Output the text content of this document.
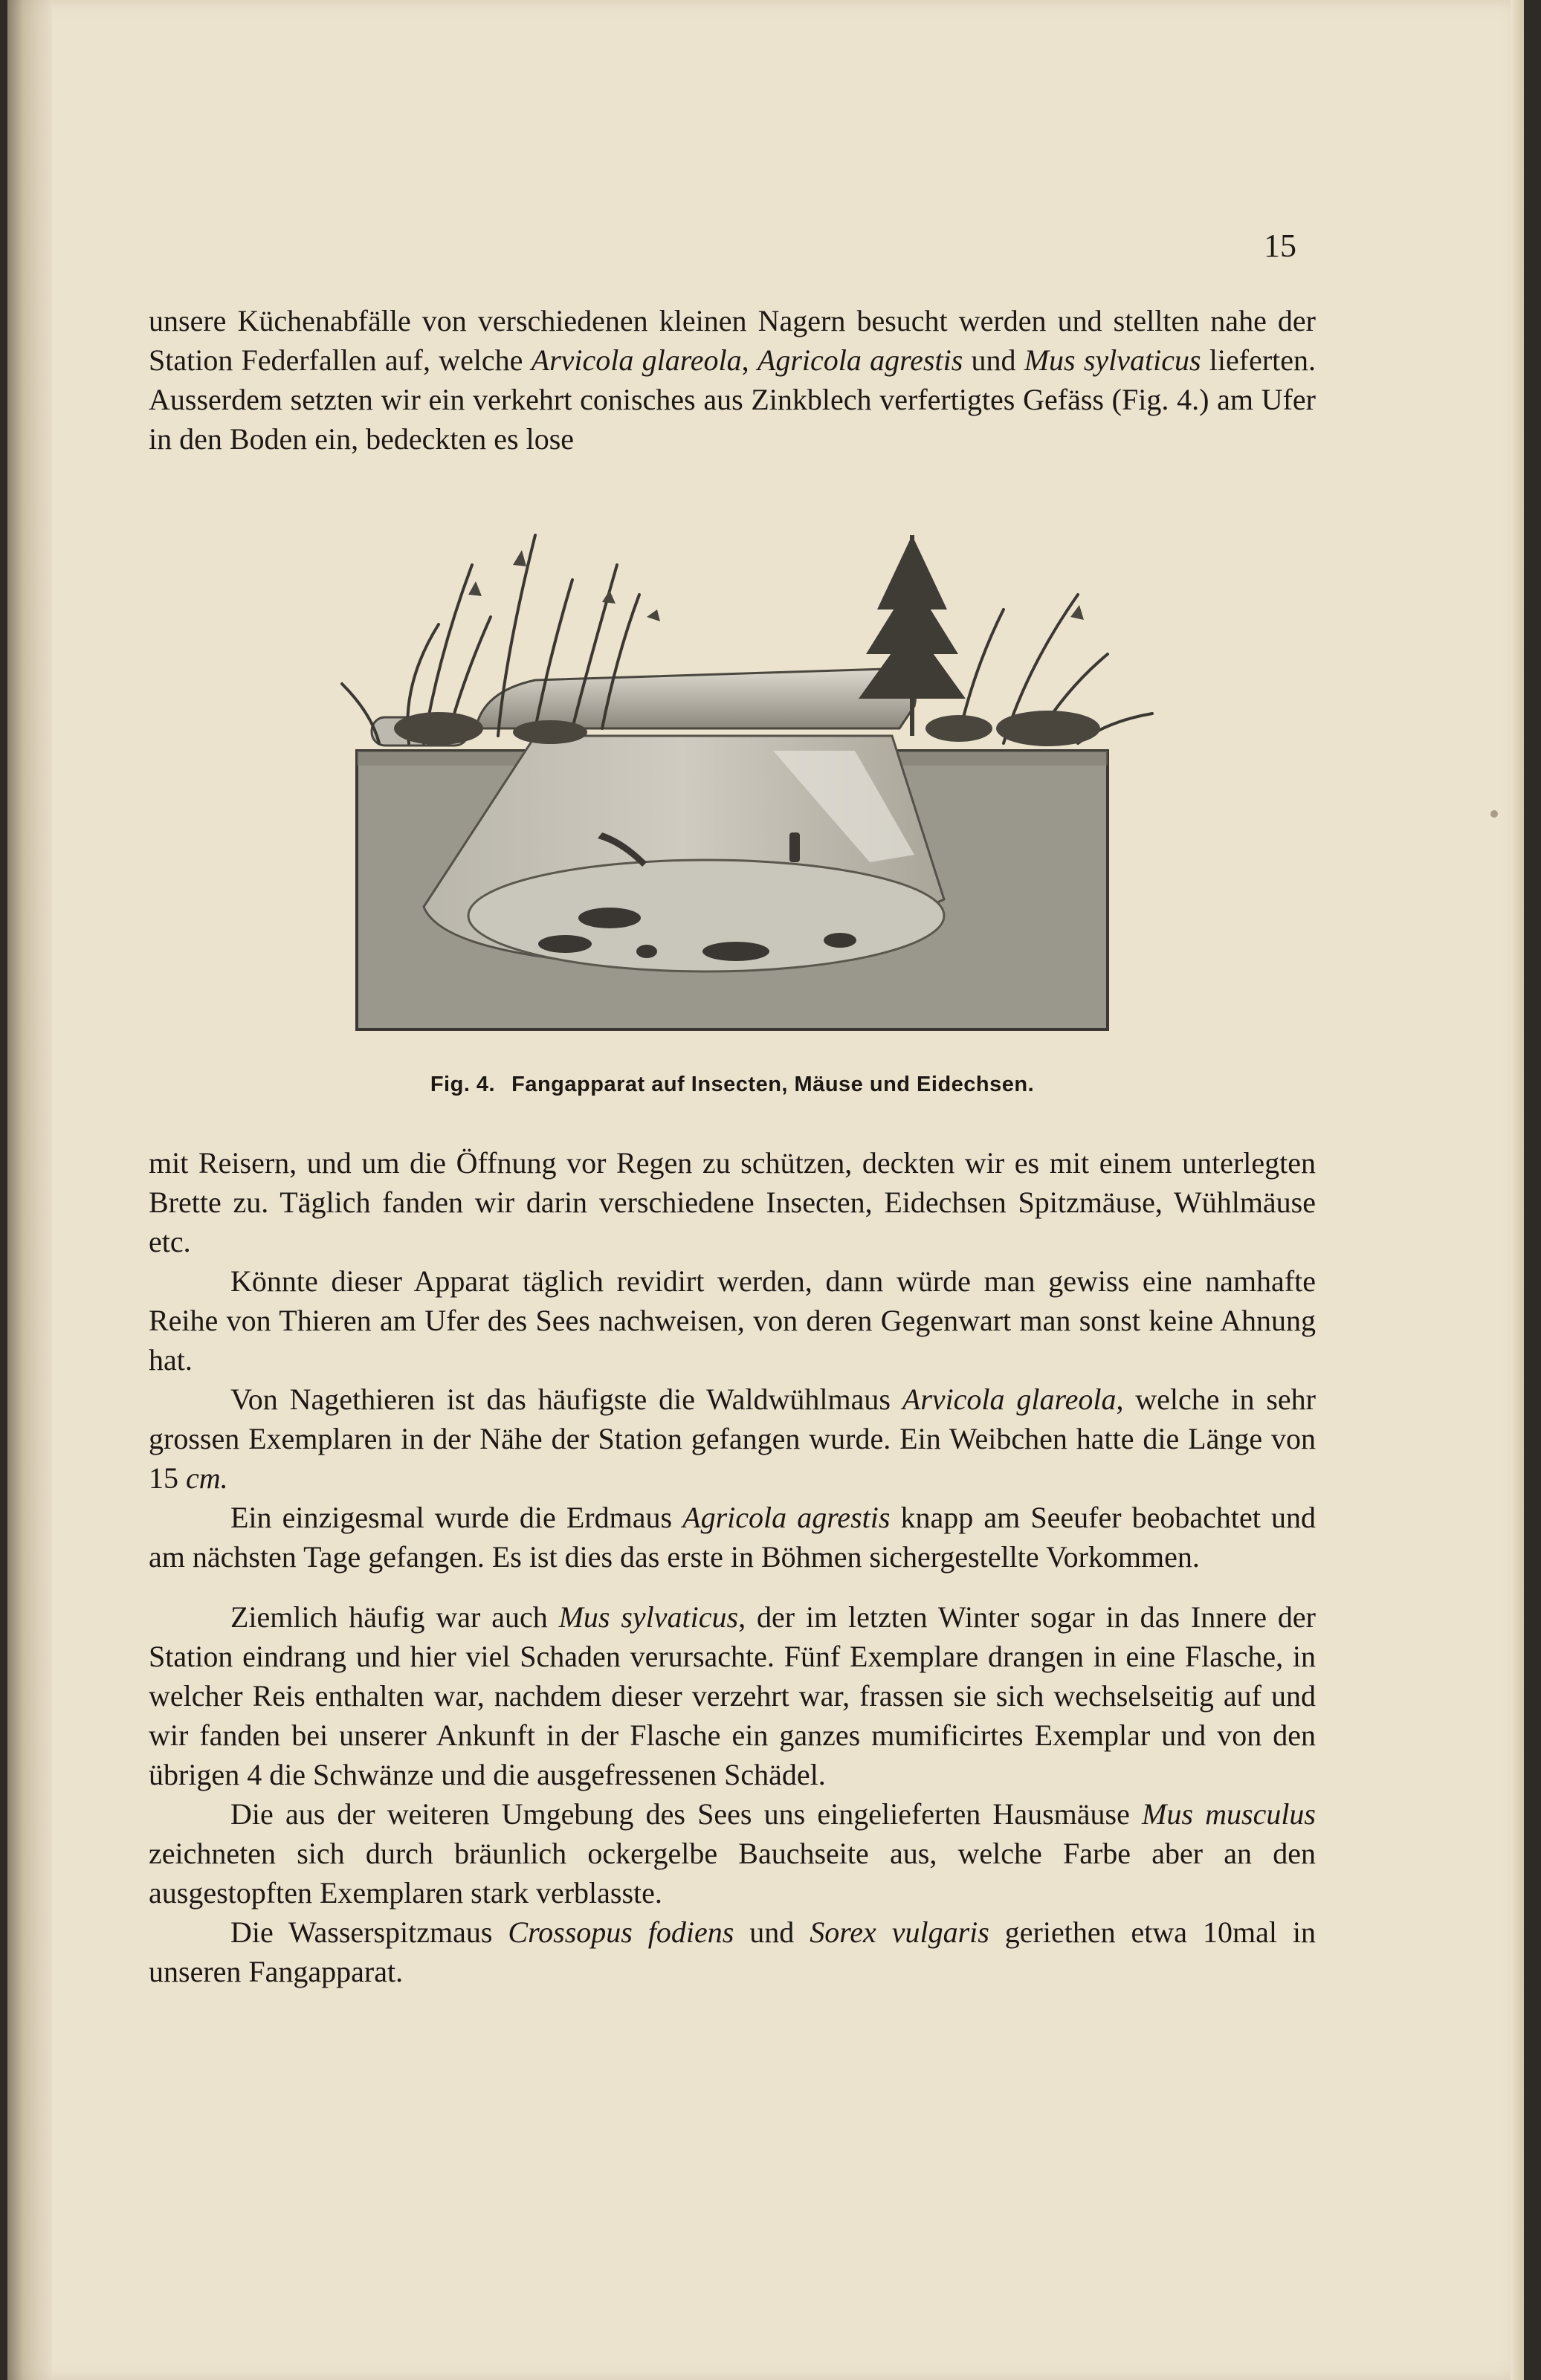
15

unsere Küchenabfälle von verschiedenen kleinen Nagern besucht werden und stellten nahe der Station Federfallen auf, welche Arvicola glareola, Agricola agrestis und Mus sylvaticus lieferten. Ausserdem setzten wir ein verkehrt conisches aus Zinkblech verfertigtes Gefäss (Fig. 4.) am Ufer in den Boden ein, bedeckten es lose

Fig. 4. Fangapparat auf Insecten, Mäuse und Eidechsen.

mit Reisern, und um die Öffnung vor Regen zu schützen, deckten wir es mit einem unterlegten Brette zu. Täglich fanden wir darin verschiedene Insecten, Eidechsen Spitzmäuse, Wühlmäuse etc.

Könnte dieser Apparat täglich revidirt werden, dann würde man gewiss eine namhafte Reihe von Thieren am Ufer des Sees nachweisen, von deren Gegenwart man sonst keine Ahnung hat.

Von Nagethieren ist das häufigste die Waldwühlmaus Arvicola glareola, welche in sehr grossen Exemplaren in der Nähe der Station gefangen wurde. Ein Weibchen hatte die Länge von 15 cm.

Ein einzigesmal wurde die Erdmaus Agricola agrestis knapp am Seeufer beobachtet und am nächsten Tage gefangen. Es ist dies das erste in Böhmen sichergestellte Vorkommen.

Ziemlich häufig war auch Mus sylvaticus, der im letzten Winter sogar in das Innere der Station eindrang und hier viel Schaden verursachte. Fünf Exemplare drangen in eine Flasche, in welcher Reis enthalten war, nachdem dieser verzehrt war, frassen sie sich wechselseitig auf und wir fanden bei unserer Ankunft in der Flasche ein ganzes mumificirtes Exemplar und von den übrigen 4 die Schwänze und die ausgefressenen Schädel.

Die aus der weiteren Umgebung des Sees uns eingelieferten Hausmäuse Mus musculus zeichneten sich durch bräunlich ockergelbe Bauchseite aus, welche Farbe aber an den ausgestopften Exemplaren stark verblasste.

Die Wasserspitzmaus Crossopus fodiens und Sorex vulgaris geriethen etwa 10mal in unseren Fangapparat.
